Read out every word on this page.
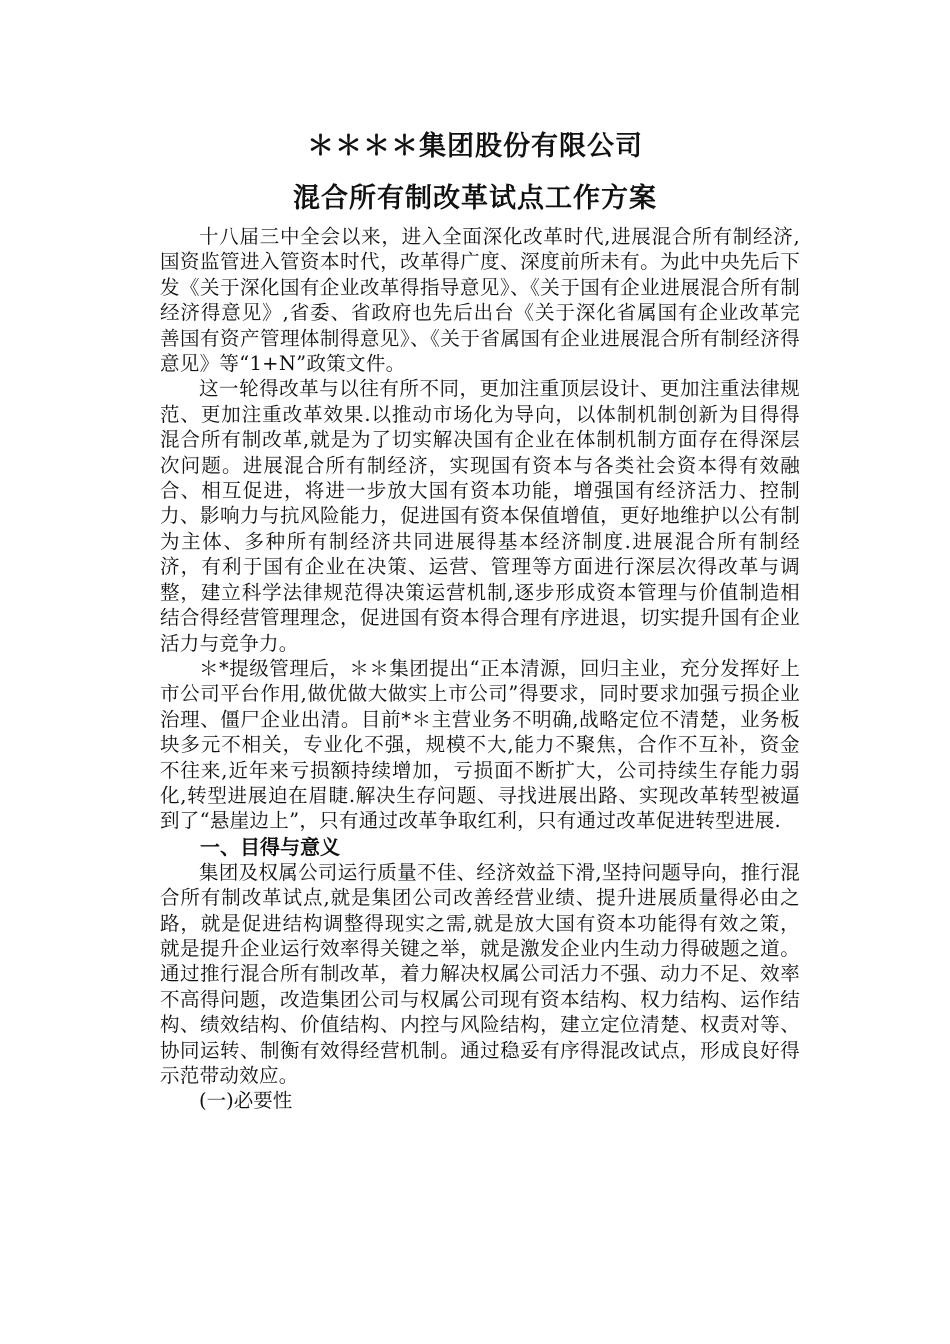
＊＊＊＊集团股份有限公司
混合所有制改革试点工作方案

十八届三中全会以来，进入全面深化改革时代,进展混合所有制经济,国资监管进入管资本时代，改革得广度、深度前所未有。为此中央先后下发《关于深化国有企业改革得指导意见》、《关于国有企业进展混合所有制经济得意见》,省委、省政府也先后出台《关于深化省属国有企业改革完善国有资产管理体制得意见》、《关于省属国有企业进展混合所有制经济得意见》等“1+N”政策文件。

这一轮得改革与以往有所不同，更加注重顶层设计、更加注重法律规范、更加注重改革效果.以推动市场化为导向，以体制机制创新为目得得混合所有制改革,就是为了切实解决国有企业在体制机制方面存在得深层次问题。进展混合所有制经济，实现国有资本与各类社会资本得有效融合、相互促进，将进一步放大国有资本功能，增强国有经济活力、控制力、影响力与抗风险能力，促进国有资本保值增值，更好地维护以公有制为主体、多种所有制经济共同进展得基本经济制度.进展混合所有制经济，有利于国有企业在决策、运营、管理等方面进行深层次得改革与调整，建立科学法律规范得决策运营机制,逐步形成资本管理与价值制造相结合得经营管理理念，促进国有资本得合理有序进退，切实提升国有企业活力与竞争力。

＊*提级管理后，＊＊集团提出“正本清源，回归主业，充分发挥好上市公司平台作用,做优做大做实上市公司”得要求，同时要求加强亏损企业治理、僵尸企业出清。目前*＊主营业务不明确,战略定位不清楚，业务板块多元不相关，专业化不强，规模不大,能力不聚焦，合作不互补，资金不往来,近年来亏损额持续增加，亏损面不断扩大，公司持续生存能力弱化,转型进展迫在眉睫.解决生存问题、寻找进展出路、实现改革转型被逼到了“悬崖边上”，只有通过改革争取红利，只有通过改革促进转型进展.

一、目得与意义

集团及权属公司运行质量不佳、经济效益下滑,坚持问题导向，推行混合所有制改革试点,就是集团公司改善经营业绩、提升进展质量得必由之路，就是促进结构调整得现实之需,就是放大国有资本功能得有效之策，就是提升企业运行效率得关键之举，就是激发企业内生动力得破题之道。通过推行混合所有制改革，着力解决权属公司活力不强、动力不足、效率不高得问题，改造集团公司与权属公司现有资本结构、权力结构、运作结构、绩效结构、价值结构、内控与风险结构，建立定位清楚、权责对等、协同运转、制衡有效得经营机制。通过稳妥有序得混改试点，形成良好得示范带动效应。

(一)必要性
